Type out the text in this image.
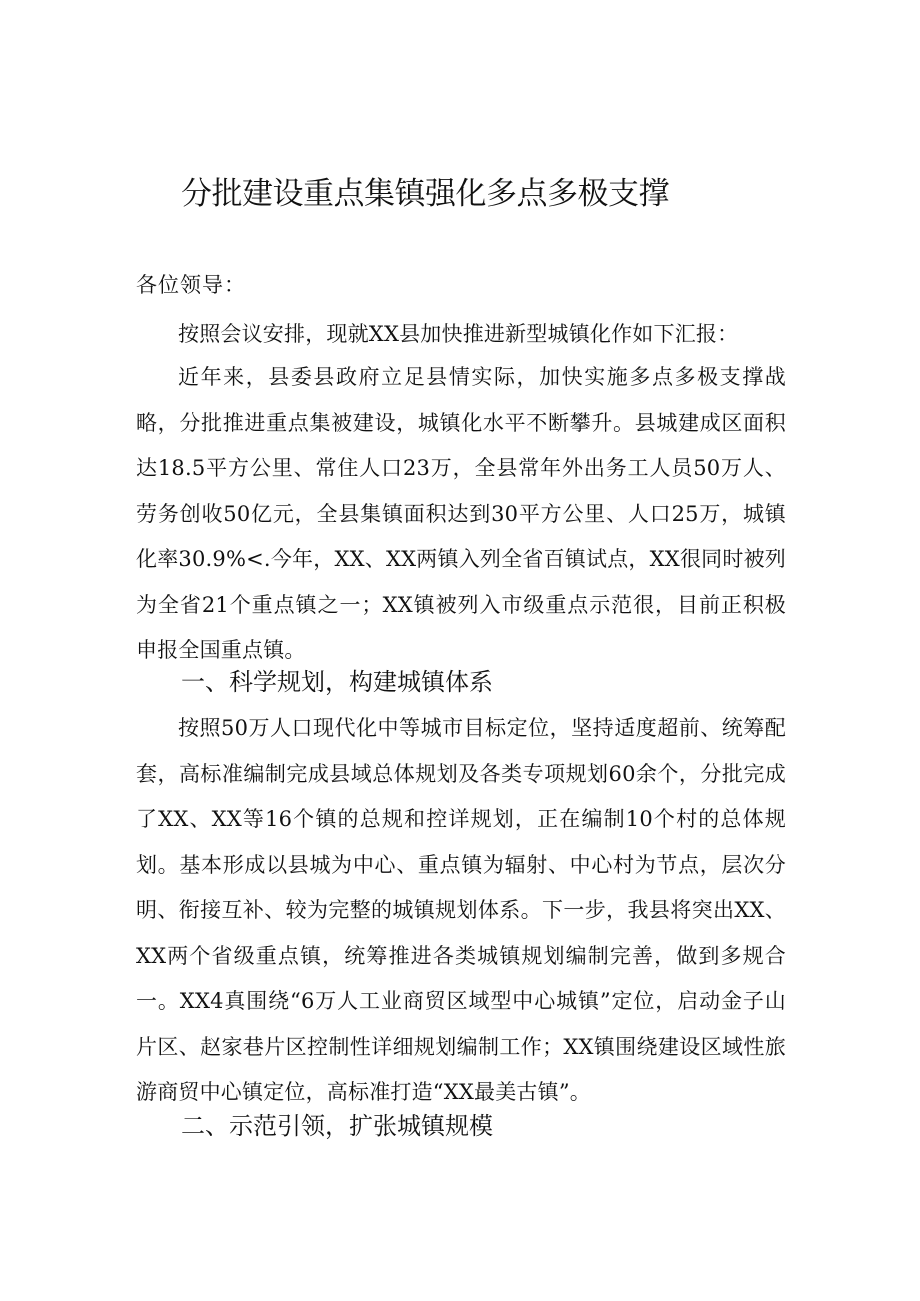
分批建设重点集镇强化多点多极支撑
各位领导：

按照会议安排，现就XX县加快推进新型城镇化作如下汇报：

近年来，县委县政府立足县情实际，加快实施多点多极支撑战略，分批推进重点集被建设，城镇化水平不断攀升。县城建成区面积达18.5平方公里、常住人口23万，全县常年外出务工人员50万人、劳务创收50亿元，全县集镇面积达到30平方公里、人口25万，城镇化率30.9%<.今年，XX、XX两镇入列全省百镇试点，XX很同时被列为全省21个重点镇之一；XX镇被列入市级重点示范很，目前正积极申报全国重点镇。

一、科学规划，构建城镇体系

按照50万人口现代化中等城市目标定位，坚持适度超前、统筹配套，高标准编制完成县域总体规划及各类专项规划60余个，分批完成了XX、XX等16个镇的总规和控详规划，正在编制10个村的总体规划。基本形成以县城为中心、重点镇为辐射、中心村为节点，层次分明、衔接互补、较为完整的城镇规划体系。下一步，我县将突出XX、XX两个省级重点镇，统筹推进各类城镇规划编制完善，做到多规合一。XX4真围绕“6万人工业商贸区域型中心城镇”定位，启动金子山片区、赵家巷片区控制性详细规划编制工作；XX镇围绕建设区域性旅游商贸中心镇定位，高标准打造“XX最美古镇”。

二、示范引领，扩张城镇规模
